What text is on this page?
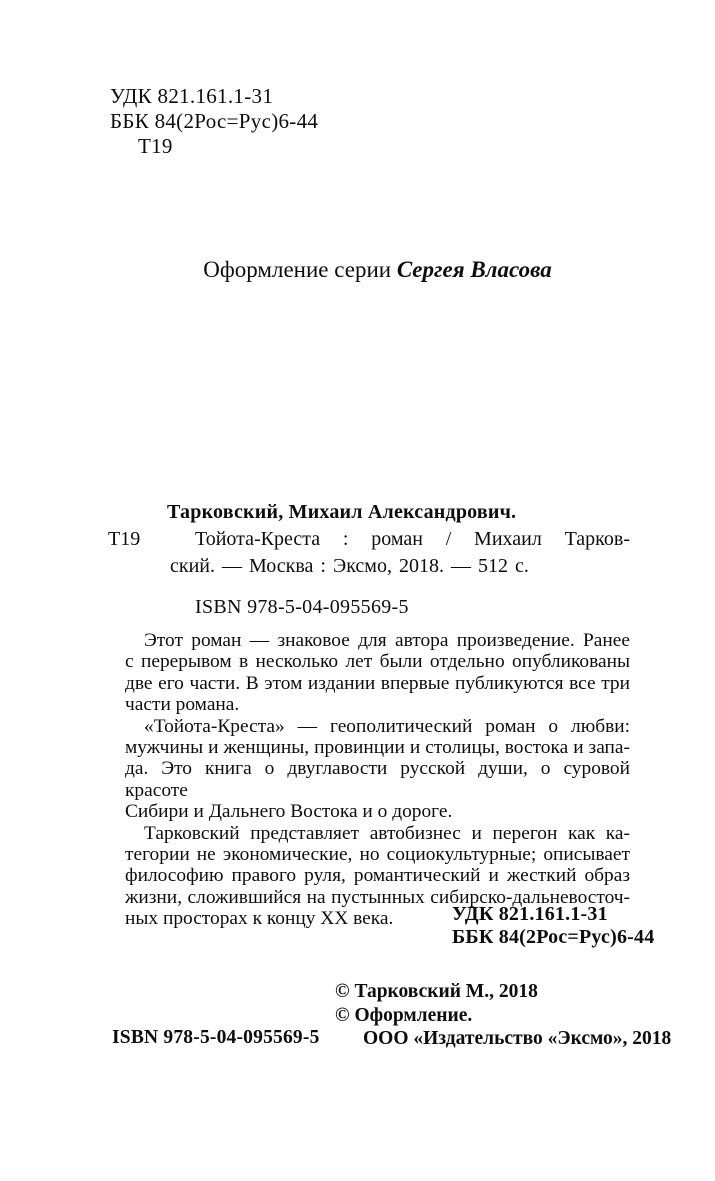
УДК 821.161.1-31
ББК 84(2Рос=Рус)6-44
Т19
Оформление серии Сергея Власова
Тарковский, Михаил Александрович.
Т19	Тойота-Креста : роман / Михаил Тарков-
ский. — Москва : Эксмо, 2018. — 512 с.
ISBN 978-5-04-095569-5
Этот роман — знаковое для автора произведение. Ранее
с перерывом в несколько лет были отдельно опубликованы
две его части. В этом издании впервые публикуются все три
части романа.
«Тойота-Креста» — геополитический роман о любви:
мужчины и женщины, провинции и столицы, востока и запа-
да. Это книга о двуглавости русской души, о суровой красоте
Сибири и Дальнего Востока и о дороге.
Тарковский представляет автобизнес и перегон как ка-
тегории не экономические, но социокультурные; описывает
философию правого руля, романтический и жесткий образ
жизни, сложившийся на пустынных сибирско-дальневосточ-
ных просторах к концу XX века.	УДК 821.161.1-31
ББК 84(2Рос=Рус)6-44
ISBN 978-5-04-095569-5
© Тарковский М., 2018
© Оформление.
ООО «Издательство «Эксмо», 2018
